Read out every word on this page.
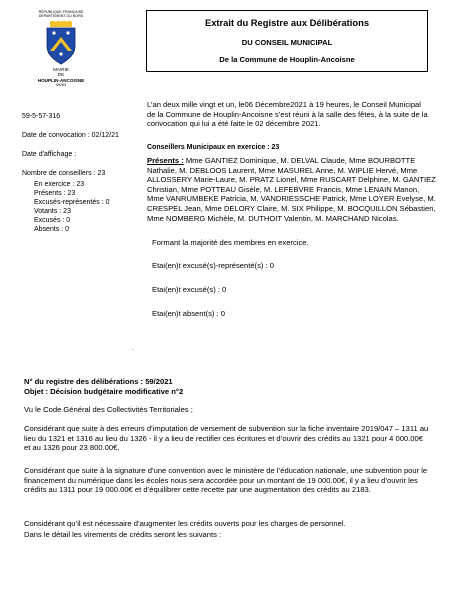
RÉPUBLIQUE FRANÇAISE
DÉPARTEMENT DU NORD
MAIRIE
DE
HOUPLIN-ANCOISNE
59263
Extrait du Registre aux Délibérations
DU CONSEIL MUNICIPAL
De la Commune de Houplin-Ancoisne
59-5-57-316
Date de convocation : 02/12/21
Date d'affichage :
Nombre de conseillers : 23
En exercice : 23
Présents : 23
Excusés-représentés : 0
Votants : 23
Excusés : 0
Absents : 0
L’an deux mille vingt et un, le06 Décembre2021 à 19 heures, le Conseil Municipal de la Commune de Houplin-Ancoisne s’est réuni à la salle des fêtes, à la suite de la convocation qui lui a été faite le 02 décembre 2021.
Conseillers Municipaux en exercice : 23
Présents : Mme GANTIEZ Dominique, M. DELVAL Claude, Mme BOURBOTTE Nathalie, M. DEBLOOS Laurent, Mme MASUREL Anne, M. WIPLIE Hervé, Mme ALLOSSERY Marie-Laure, M. PRATZ Lionel, Mme RUSCART Delphine, M. GANTIEZ Christian, Mme POTTEAU Gisèle, M. LEFEBVRE Francis, Mme LENAIN Manon, Mme VANRUMBEKE Patricia, M. VANDRIESSCHE Patrick, Mme LOYER Evelyse, M. CRESPEL Jean, Mme DELORY Claire, M. SIX Philippe, M. BOCQUILLON Sébastien, Mme NOMBERG Michèle, M. DUTHOIT Valentin, M. MARCHAND Nicolas.
Formant la majorité des membres en exercice.
Etai(en)t excusé(s)-représenté(s) : 0
Etai(en)t excusé(s) : 0
Etai(en)t absent(s) : 0
.
N° du registre des délibérations : 59/2021
Objet : Décision budgétaire modificative n°2
Vu le Code Général des Collectivités Territoriales ;
Considérant que suite à des erreurs d’imputation de versement de subvention sur la fiche inventaire 2019/047 – 1311 au lieu du 1321 et 1316 au lieu du 1326 - il y a lieu de rectifier ces écritures et d’ouvrir des crédits au 1321 pour 4 000.00€ et au 1326 pour 23 800.00€.
Considérant que suite à la signature d’une convention avec le ministère de l’éducation nationale, une subvention pour le financement du numérique dans les écoles nous sera accordée pour un montant de 19 000.00€, il y a lieu d’ouvrir les crédits au 1311 pour 19 000.00€ et d’équilibrer cette recette par une augmentation des crédits au 2183.
Considérant qu’il est nécessaire d’augmenter les crédits ouverts pour les charges de personnel.
Dans le détail les virements de crédits seront les suivants :
